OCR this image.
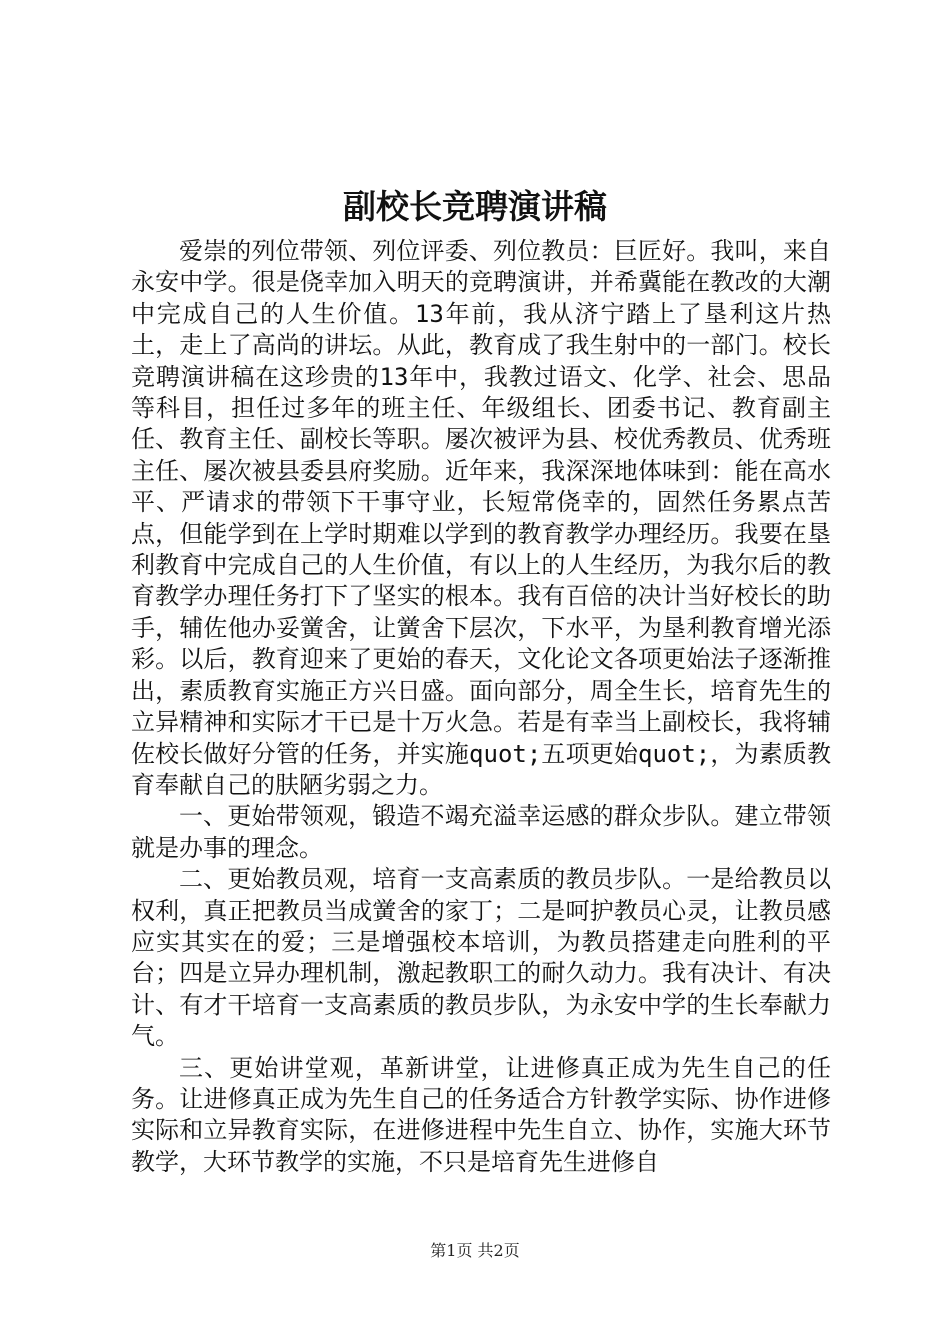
副校长竞聘演讲稿

爱崇的列位带领、列位评委、列位教员：巨匠好。我叫，来自永安中学。很是侥幸加入明天的竞聘演讲，并希冀能在教改的大潮中完成自己的人生价值。13年前，我从济宁踏上了垦利这片热土，走上了高尚的讲坛。从此，教育成了我生射中的一部门。校长竞聘演讲稿在这珍贵的13年中，我教过语文、化学、社会、思品等科目，担任过多年的班主任、年级组长、团委书记、教育副主任、教育主任、副校长等职。屡次被评为县、校优秀教员、优秀班主任、屡次被县委县府奖励。近年来，我深深地体味到：能在高水平、严请求的带领下干事守业，长短常侥幸的，固然任务累点苦点，但能学到在上学时期难以学到的教育教学办理经历。我要在垦利教育中完成自己的人生价值，有以上的人生经历，为我尔后的教育教学办理任务打下了坚实的根本。我有百倍的决计当好校长的助手，辅佐他办妥黉舍，让黉舍下层次，下水平，为垦利教育增光添彩。以后，教育迎来了更始的春天，文化论文各项更始法子逐渐推出，素质教育实施正方兴日盛。面向部分，周全生长，培育先生的立异精神和实际才干已是十万火急。若是有幸当上副校长，我将辅佐校长做好分管的任务，并实施quot;五项更始quot;，为素质教育奉献自己的肤陋劣弱之力。

一、更始带领观，锻造不竭充溢幸运感的群众步队。建立带领就是办事的理念。

二、更始教员观，培育一支高素质的教员步队。一是给教员以权利，真正把教员当成黉舍的家丁；二是呵护教员心灵，让教员感应实其实在的爱；三是增强校本培训，为教员搭建走向胜利的平台；四是立异办理机制，激起教职工的耐久动力。我有决计、有决计、有才干培育一支高素质的教员步队，为永安中学的生长奉献力气。

三、更始讲堂观，革新讲堂，让进修真正成为先生自己的任务。让进修真正成为先生自己的任务适合方针教学实际、协作进修实际和立异教育实际，在进修进程中先生自立、协作，实施大环节教学，大环节教学的实施，不只是培育先生进修自

第1页 共2页
